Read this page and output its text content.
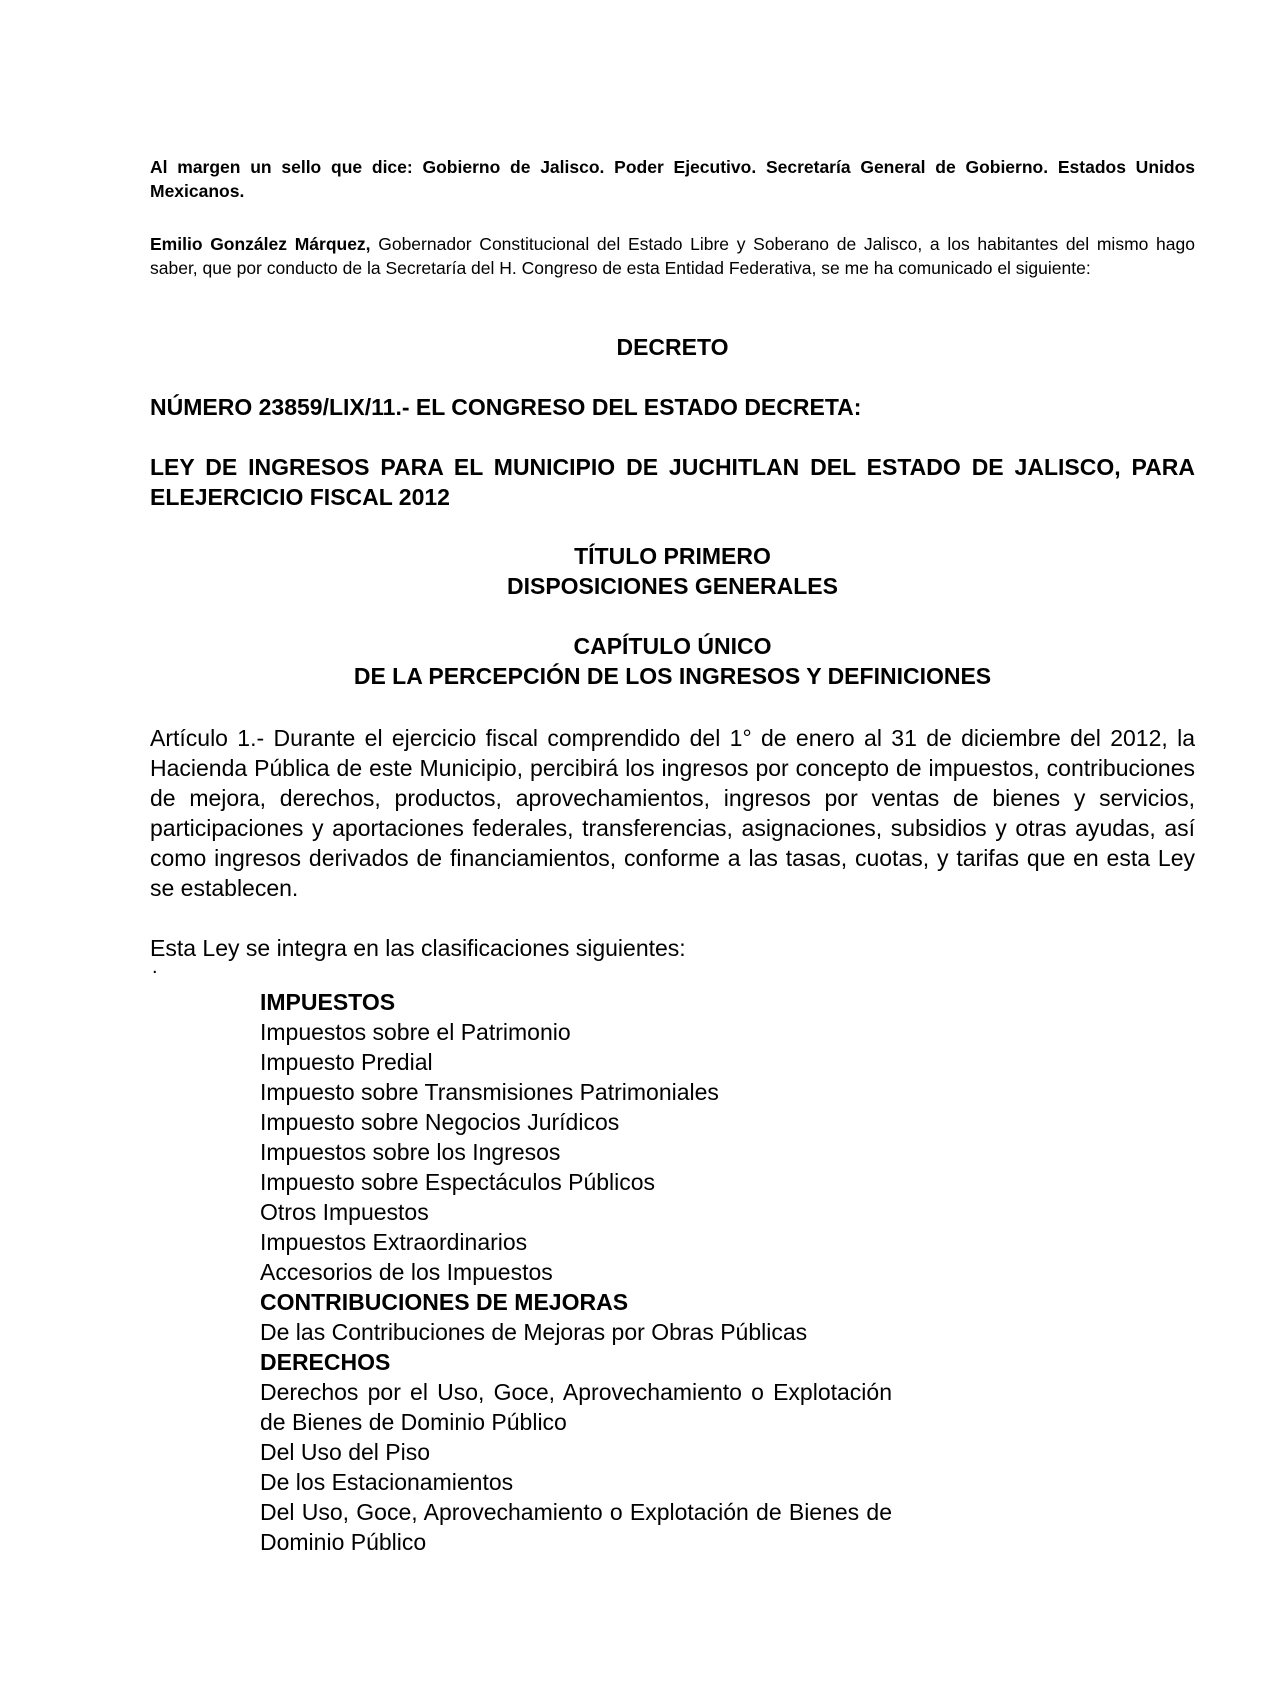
Al margen un sello que dice: Gobierno de Jalisco. Poder Ejecutivo. Secretaría General de Gobierno. Estados Unidos Mexicanos.
Emilio González Márquez, Gobernador Constitucional del Estado Libre y Soberano de Jalisco, a los habitantes del mismo hago saber, que por conducto de la Secretaría del H. Congreso de esta Entidad Federativa, se me ha comunicado el siguiente:
DECRETO
NÚMERO 23859/LIX/11.- EL CONGRESO DEL ESTADO DECRETA:
LEY DE INGRESOS PARA EL MUNICIPIO DE JUCHITLAN DEL ESTADO DE JALISCO, PARA ELEJERCICIO FISCAL 2012
TÍTULO PRIMERO
DISPOSICIONES GENERALES
CAPÍTULO ÚNICO
DE LA PERCEPCIÓN DE LOS INGRESOS Y DEFINICIONES
Artículo 1.- Durante el ejercicio fiscal comprendido del 1° de enero al 31 de diciembre del 2012, la Hacienda Pública de este Municipio, percibirá los ingresos por concepto de impuestos, contribuciones de mejora, derechos, productos, aprovechamientos, ingresos por ventas de bienes y servicios, participaciones y aportaciones federales, transferencias, asignaciones, subsidios y otras ayudas, así como ingresos derivados de financiamientos, conforme a las tasas, cuotas, y tarifas que en esta Ley se establecen.
Esta Ley se integra en las clasificaciones siguientes:
.
IMPUESTOS
Impuestos sobre el Patrimonio
Impuesto Predial
Impuesto sobre Transmisiones Patrimoniales
Impuesto sobre Negocios Jurídicos
Impuestos sobre los Ingresos
Impuesto sobre Espectáculos Públicos
Otros Impuestos
Impuestos Extraordinarios
Accesorios de los Impuestos
CONTRIBUCIONES DE MEJORAS
De las Contribuciones de Mejoras por Obras Públicas
DERECHOS
Derechos por el Uso, Goce, Aprovechamiento o Explotación de Bienes de Dominio Público
Del Uso del Piso
De los Estacionamientos
Del Uso, Goce, Aprovechamiento o Explotación de Bienes de Dominio Público
